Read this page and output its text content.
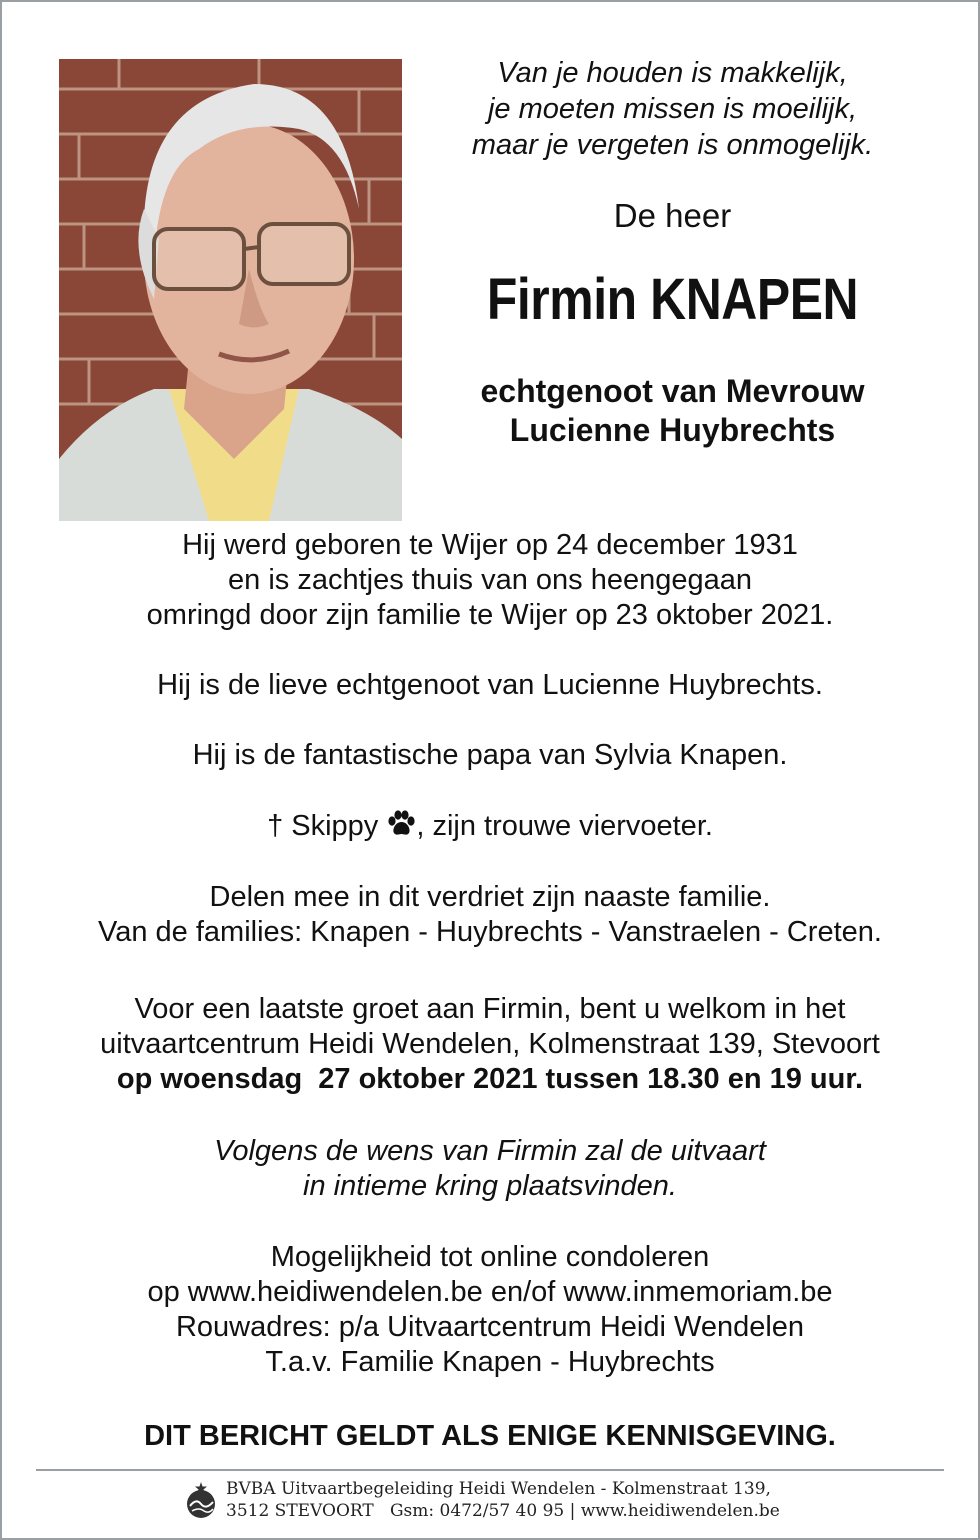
Van je houden is makkelijk,
je moeten missen is moeilijk,
maar je vergeten is onmogelijk.
De heer
Firmin KNAPEN
echtgenoot van Mevrouw
Lucienne Huybrechts
Hij werd geboren te Wijer op 24 december 1931
en is zachtjes thuis van ons heengegaan
omringd door zijn familie te Wijer op 23 oktober 2021.
Hij is de lieve echtgenoot van Lucienne Huybrechts.
Hij is de fantastische papa van Sylvia Knapen.
† Skippy , zijn trouwe viervoeter.
Delen mee in dit verdriet zijn naaste familie.
Van de families: Knapen - Huybrechts - Vanstraelen - Creten.
Voor een laatste groet aan Firmin, bent u welkom in het
uitvaartcentrum Heidi Wendelen, Kolmenstraat 139, Stevoort
op woensdag  27 oktober 2021 tussen 18.30 en 19 uur.
Volgens de wens van Firmin zal de uitvaart
in intieme kring plaatsvinden.
Mogelijkheid tot online condoleren
op www.heidiwendelen.be en/of www.inmemoriam.be
Rouwadres: p/a Uitvaartcentrum Heidi Wendelen
T.a.v. Familie Knapen - Huybrechts
DIT BERICHT GELDT ALS ENIGE KENNISGEVING.
BVBA Uitvaartbegeleiding Heidi Wendelen - Kolmenstraat 139,
3512 STEVOORT   Gsm: 0472/57 40 95 | www.heidiwendelen.be
